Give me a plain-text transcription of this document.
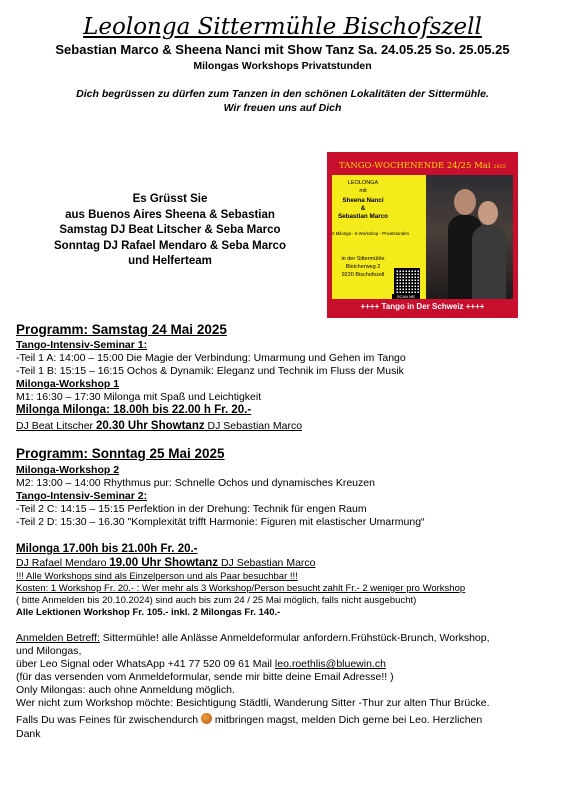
Leolonga Sittermühle Bischofszell
Sebastian Marco & Sheena Nanci mit Show Tanz Sa. 24.05.25 So. 25.05.25
Milongas Workshops Privatstunden
Dich begrüssen zu dürfen zum Tanzen in den schönen Lokalitäten der Sittermühle.
Wir freuen uns auf Dich
Es Grüsst Sie
aus Buenos Aires Sheena & Sebastian
Samstag DJ Beat Litscher & Seba Marco
Sonntag DJ Rafael Mendaro & Seba Marco
und Helferteam
TANGO-WOCHENENDE 24/25 Mai 2025
LEOLONGA
mit
Sheena Nanci
&
Sebastian Marco
2 Milonga - 6 Workshop - Privatstunden
in der Sittermühle
Bleicherweg 2
9220 Bischofszell
SCAN ME
++++ Tango in Der Schweiz ++++
Programm: Samstag 24 Mai 2025
Tango-Intensiv-Seminar 1:
-Teil 1 A: 14:00 – 15:00 Die Magie der Verbindung: Umarmung und Gehen im Tango
-Teil 1 B: 15:15 – 16:15 Ochos & Dynamik: Eleganz und Technik im Fluss der Musik
Milonga-Workshop 1
M1: 16:30 – 17:30 Milonga mit Spaß und Leichtigkeit
Milonga Milonga: 18.00h bis 22.00 h Fr. 20.-
DJ Beat Litscher 20.30 Uhr Showtanz DJ Sebastian Marco
Programm: Sonntag 25 Mai 2025
Milonga-Workshop 2
M2: 13:00 – 14:00 Rhythmus pur: Schnelle Ochos und dynamisches Kreuzen
Tango-Intensiv-Seminar 2:
-Teil 2 C: 14:15 – 15:15 Perfektion in der Drehung: Technik für engen Raum
-Teil 2 D: 15:30 – 16.30 "Komplexität trifft Harmonie: Figuren mit elastischer Umarmung“
Milonga 17.00h bis 21.00h Fr. 20.-
DJ Rafael Mendaro 19.00 Uhr Showtanz DJ Sebastian Marco
!!! Alle Workshops sind als Einzelperson und als Paar besuchbar !!!
Kosten: 1 Workshop Fr. 20.- : Wer mehr als 3 Workshop/Person besucht zahlt Fr.- 2 weniger pro Workshop
( bitte Anmelden bis 20.10.2024) sind auch bis zum 24 / 25 Mai möglich, falls nicht ausgebucht)
Alle Lektionen Workshop Fr. 105.- inkl. 2 Milongas Fr. 140.-
Anmelden Betreff: Sittermühle! alle Anlässe Anmeldeformular anfordern.Frühstück-Brunch, Workshop,
und Milongas,
über Leo Signal oder WhatsApp +41 77 520 09 61 Mail leo.roethlis@bluewin.ch
(für das versenden vom Anmeldeformular, sende mir bitte deine Email Adresse!! )
Only Milongas: auch ohne Anmeldung möglich.
Wer nicht zum Workshop möchte: Besichtigung Städtli, Wanderung Sitter -Thur zur alten Thur Brücke.
Falls Du was Feines für zwischendurch  mitbringen magst, melden Dich gerne bei Leo. Herzlichen
Dank
